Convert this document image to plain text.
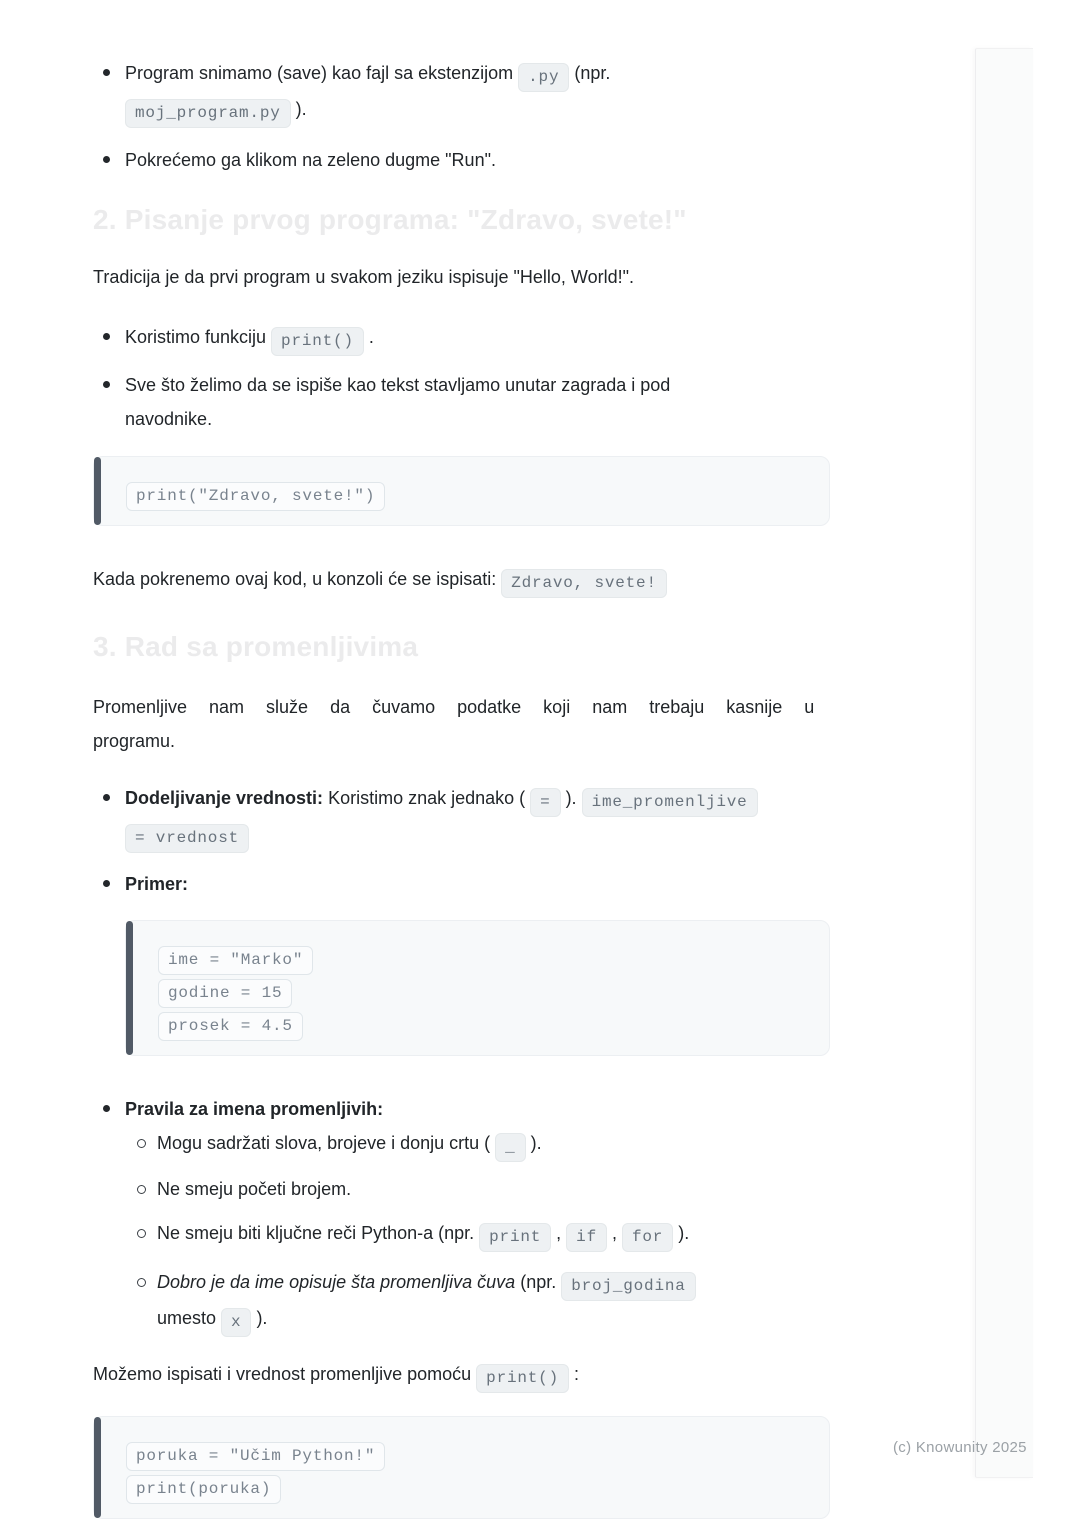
Program snimamo (save) kao fajl sa ekstenzijom .py (npr.
moj_program.py ).
Pokrećemo ga klikom na zeleno dugme "Run".
2. Pisanje prvog programa: "Zdravo, svete!"

Tradicija je da prvi program u svakom jeziku ispisuje "Hello, World!".

Koristimo funkciju print() .
Sve što želimo da se ispiše kao tekst stavljamo unutar zagrada i pod
navodnike.
print("Zdravo, svete!")

Kada pokrenemo ovaj kod, u konzoli će se ispisati: Zdravo, svete!

3. Rad sa promenljivima

Promenljive nam služe da čuvamo podatke koji nam trebaju kasnije u
programu.

Dodeljivanje vrednosti: Koristimo znak jednako ( = ). ime_promenljive
= vrednost
Primer:
ime = "Marko"
godine = 15
prosek = 4.5
Pravila za imena promenljivih:
Mogu sadržati slova, brojeve i donju crtu ( _ ).
Ne smeju početi brojem.
Ne smeju biti ključne reči Python-a (npr. print , if , for ).
Dobro je da ime opisuje šta promenljiva čuva (npr. broj_godina
umesto x ).

Možemo ispisati i vrednost promenljive pomoću print() :

poruka = "Učim Python!"
print(poruka)
(c) Knowunity 2025
